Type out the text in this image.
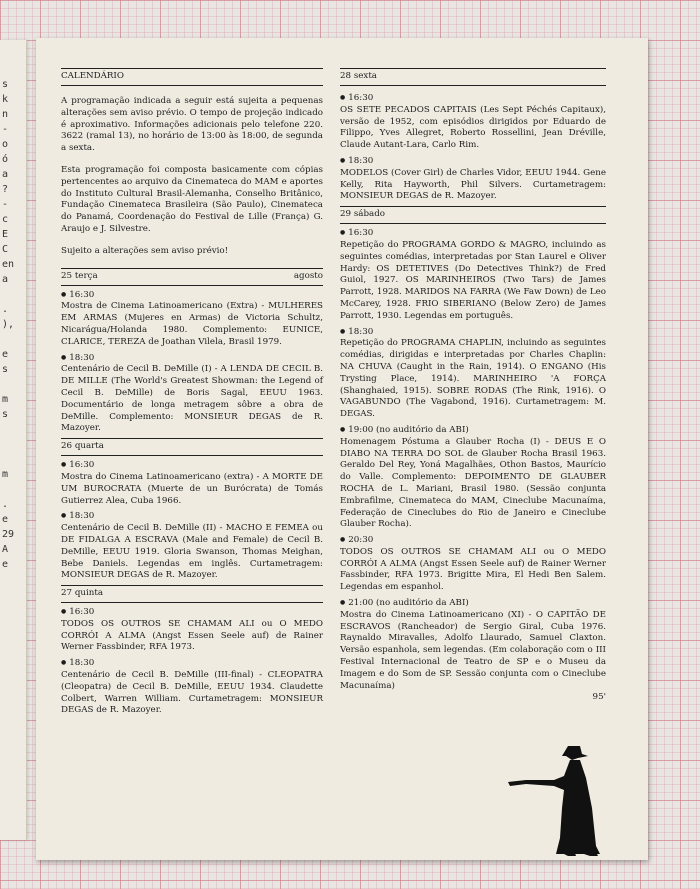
s
k
n
-
o
ó
a
?
-
c
E
C
en
a
.
),
e
s
m
s
m
.
e
29
A
e
CALENDÁRIO

A programação indicada a seguir está sujeita a pequenas alterações sem aviso prévio. O tempo de projeção indicado é aproximativo. Informações adicionais pelo telefone 220. 3622 (ramal 13), no horário de 13:00 às 18:00, de segunda a sexta.

Esta programação foi composta basicamente com cópias pertencentes ao arquivo da Cinemateca do MAM e aportes do Instituto Cultural Brasil-Alemanha, Conselho Britânico, Fundação Cinemateca Brasileira (São Paulo), Cinemateca do Panamá, Coordenação do Festival de Lille (França) G. Araujo e J. Silvestre.

Sujeito a alterações sem aviso prévio!

25 terça	agosto

● 16:30

Mostra de Cinema Latinoamericano (Extra) - MULHERES EM ARMAS (Mujeres en Armas) de Victoria Schultz, Nicarágua/Holanda 1980. Complemento: EUNICE, CLARICE, TEREZA de Joathan Vilela, Brasil 1979.

● 18:30

Centenário de Cecil B. DeMille (I) - A LENDA DE CECIL B. DE MILLE (The World's Greatest Showman: the Legend of Cecil B. DeMille) de Boris Sagal, EEUU 1963. Documentário de longa metragem sôbre a obra de DeMille. Complemento: MONSIEUR DEGAS de R. Mazoyer.

26 quarta

● 16:30

Mostra do Cinema Latinoamericano (extra) - A MORTE DE UM BUROCRATA (Muerte de un Burócrata) de Tomás Gutierrez Alea, Cuba 1966.

● 18:30

Centenário de Cecil B. DeMille (II) - MACHO E FEMEA ou DE FIDALGA A ESCRAVA (Male and Female) de Cecil B. DeMille, EEUU 1919. Gloria Swanson, Thomas Meighan, Bebe Daniels. Legendas em inglês. Curtametragem: MONSIEUR DEGAS de R. Mazoyer.

27 quinta

● 16:30

TODOS OS OUTROS SE CHAMAM ALI ou O MEDO CORRÓI A ALMA (Angst Essen Seele auf) de Rainer Werner Fassbinder, RFA 1973.

● 18:30

Centenário de Cecil B. DeMille (III-final) - CLEOPATRA (Cleopatra) de Cecil B. DeMille, EEUU 1934. Claudette Colbert, Warren William. Curtametragem: MONSIEUR DEGAS de R. Mazoyer.

28 sexta

● 16:30

OS SETE PECADOS CAPITAIS (Les Sept Péchés Capitaux), versão de 1952, com episódios dirigidos por Eduardo de Filippo, Yves Allegret, Roberto Rossellini, Jean Dréville, Claude Autant-Lara, Carlo Rim.

● 18:30

MODELOS (Cover Girl) de Charles Vidor, EEUU 1944. Gene Kelly, Rita Hayworth, Phil Silvers. Curtametragem: MONSIEUR DEGAS de R. Mazoyer.

29 sábado

● 16:30

Repetição do PROGRAMA GORDO & MAGRO, incluindo as seguintes comédias, interpretadas por Stan Laurel e Oliver Hardy: OS DETETIVES (Do Detectives Think?) de Fred Guiol, 1927. OS MARINHEIROS (Two Tars) de James Parrott, 1928. MARIDOS NA FARRA (We Faw Down) de Leo McCarey, 1928. FRIO SIBERIANO (Below Zero) de James Parrott, 1930. Legendas em português.

● 18:30

Repetição do PROGRAMA CHAPLIN, incluindo as seguintes comédias, dirigidas e interpretadas por Charles Chaplin: NA CHUVA (Caught in the Rain, 1914). O ENGANO (His Trysting Place, 1914). MARINHEIRO 'A FORÇA (Shanghaied, 1915). SOBRE RODAS (The Rink, 1916). O VAGABUNDO (The Vagabond, 1916). Curtametragem: M. DEGAS.

● 19:00 (no auditório da ABI)

Homenagem Póstuma a Glauber Rocha (I) - DEUS E O DIABO NA TERRA DO SOL de Glauber Rocha Brasil 1963. Geraldo Del Rey, Yoná Magalhães, Othon Bastos, Maurício do Valle. Complemento: DEPOIMENTO DE GLAUBER ROCHA de L. Mariani, Brasil 1980. (Sessão conjunta Embrafilme, Cinemateca do MAM, Cineclube Macunaíma, Federação de Cineclubes do Rio de Janeiro e Cineclube Glauber Rocha).

● 20:30

TODOS OS OUTROS SE CHAMAM ALI ou O MEDO CORRÓI A ALMA (Angst Essen Seele auf) de Rainer Werner Fassbinder, RFA 1973. Brigitte Mira, El Hedi Ben Salem. Legendas em espanhol.

● 21:00 (no auditório da ABI)

Mostra do Cinema Latinoamericano (XI) - O CAPITÃO DE ESCRAVOS (Rancheador) de Sergio Giral, Cuba 1976. Raynaldo Miravalles, Adolfo Llaurado, Samuel Claxton. Versão espanhola, sem legendas. (Em colaboração com o III Festival Internacional de Teatro de SP e o Museu da Imagem e do Som de SP. Sessão conjunta com o Cineclube Macunaíma)

95'
